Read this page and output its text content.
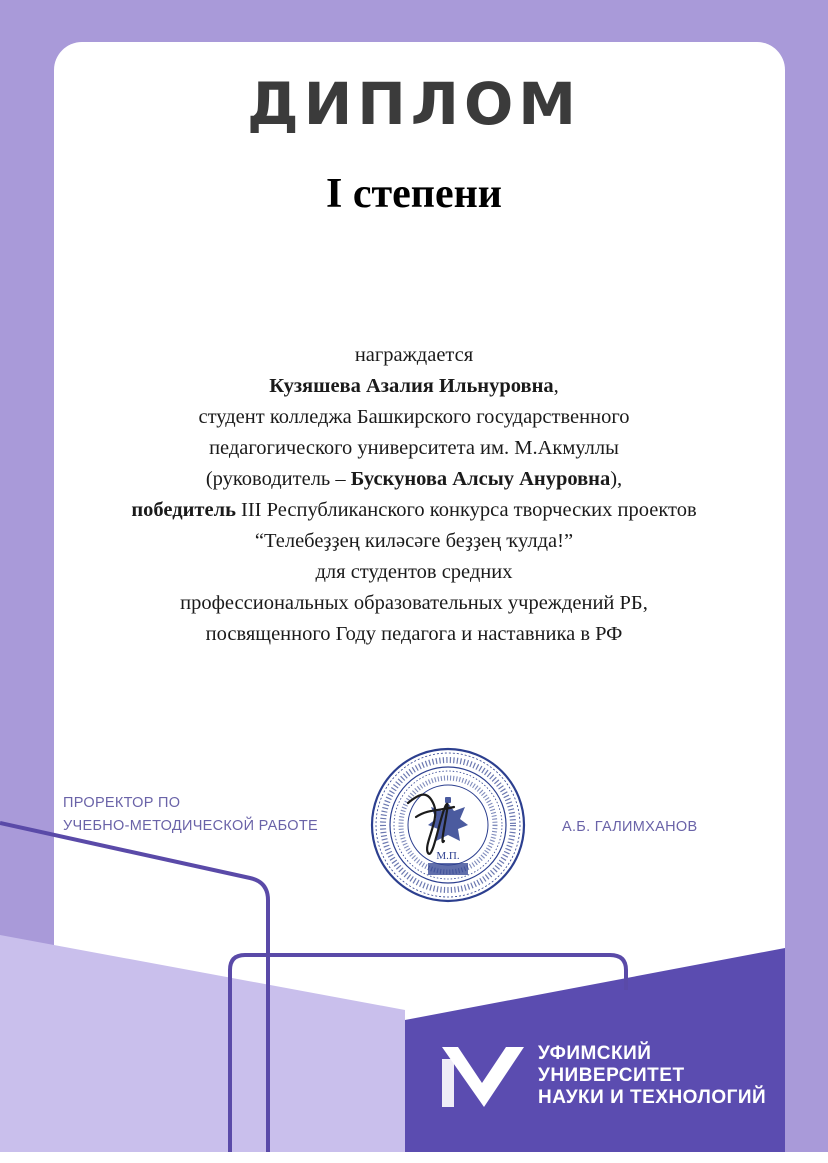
ДИПЛОМ
I степени
награждается
Кузяшева Азалия Ильнуровна,
студент колледжа Башкирского государственного
педагогического университета им. М.Акмуллы
(руководитель – Бускунова Алсыу Ануровна),
победитель III Республиканского конкурса творческих проектов
“Телебеҙҙең киләсәге беҙҙең ҡулда!”
для студентов средних
профессиональных образовательных учреждений РБ,
посвященного Году педагога и наставника в РФ
ПРОРЕКТОР ПО
УЧЕБНО-МЕТОДИЧЕСКОЙ РАБОТЕ
М.П.
А.Б. ГАЛИМХАНОВ
УФИМСКИЙ
УНИВЕРСИТЕТ
НАУКИ И ТЕХНОЛОГИЙ
